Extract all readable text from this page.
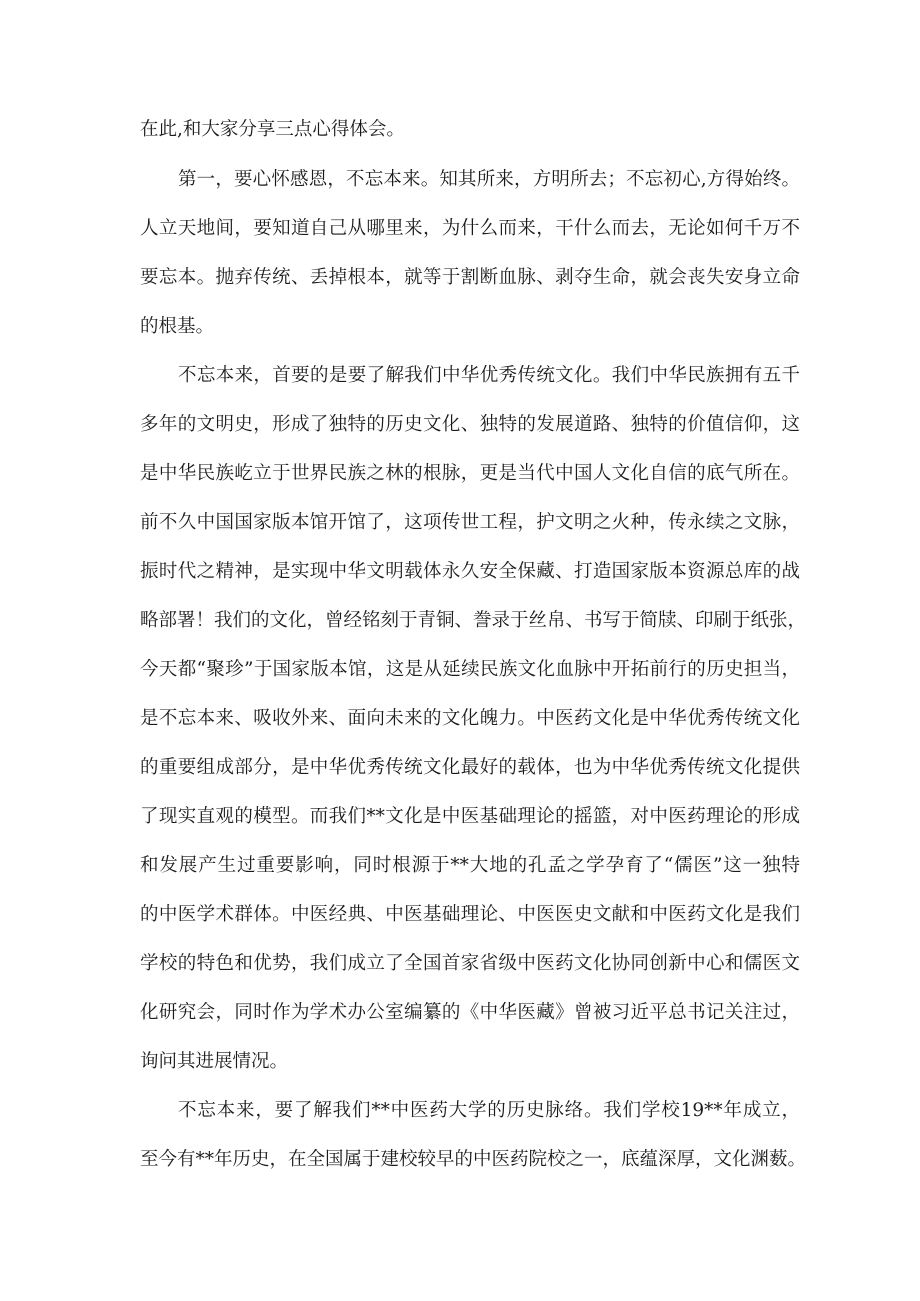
在此,和大家分享三点心得体会。
第一，要心怀感恩，不忘本来。知其所来，方明所去；不忘初心,方得始终。
人立天地间，要知道自己从哪里来，为什么而来，干什么而去，无论如何千万不
要忘本。抛弃传统、丢掉根本，就等于割断血脉、剥夺生命，就会丧失安身立命
的根基。
不忘本来，首要的是要了解我们中华优秀传统文化。我们中华民族拥有五千
多年的文明史，形成了独特的历史文化、独特的发展道路、独特的价值信仰，这
是中华民族屹立于世界民族之林的根脉，更是当代中国人文化自信的底气所在。
前不久中国国家版本馆开馆了，这项传世工程，护文明之火种，传永续之文脉，
振时代之精神，是实现中华文明载体永久安全保藏、打造国家版本资源总库的战
略部署！我们的文化，曾经铭刻于青铜、誊录于丝帛、书写于简牍、印刷于纸张，
今天都“聚珍”于国家版本馆，这是从延续民族文化血脉中开拓前行的历史担当，
是不忘本来、吸收外来、面向未来的文化魄力。中医药文化是中华优秀传统文化
的重要组成部分，是中华优秀传统文化最好的载体，也为中华优秀传统文化提供
了现实直观的模型。而我们**文化是中医基础理论的摇篮，对中医药理论的形成
和发展产生过重要影响，同时根源于**大地的孔孟之学孕育了“儒医”这一独特
的中医学术群体。中医经典、中医基础理论、中医医史文献和中医药文化是我们
学校的特色和优势，我们成立了全国首家省级中医药文化协同创新中心和儒医文
化研究会，同时作为学术办公室编纂的《中华医藏》曾被习近平总书记关注过，
询问其进展情况。
不忘本来，要了解我们**中医药大学的历史脉络。我们学校19**年成立，
至今有**年历史，在全国属于建校较早的中医药院校之一，底蕴深厚，文化渊薮。
